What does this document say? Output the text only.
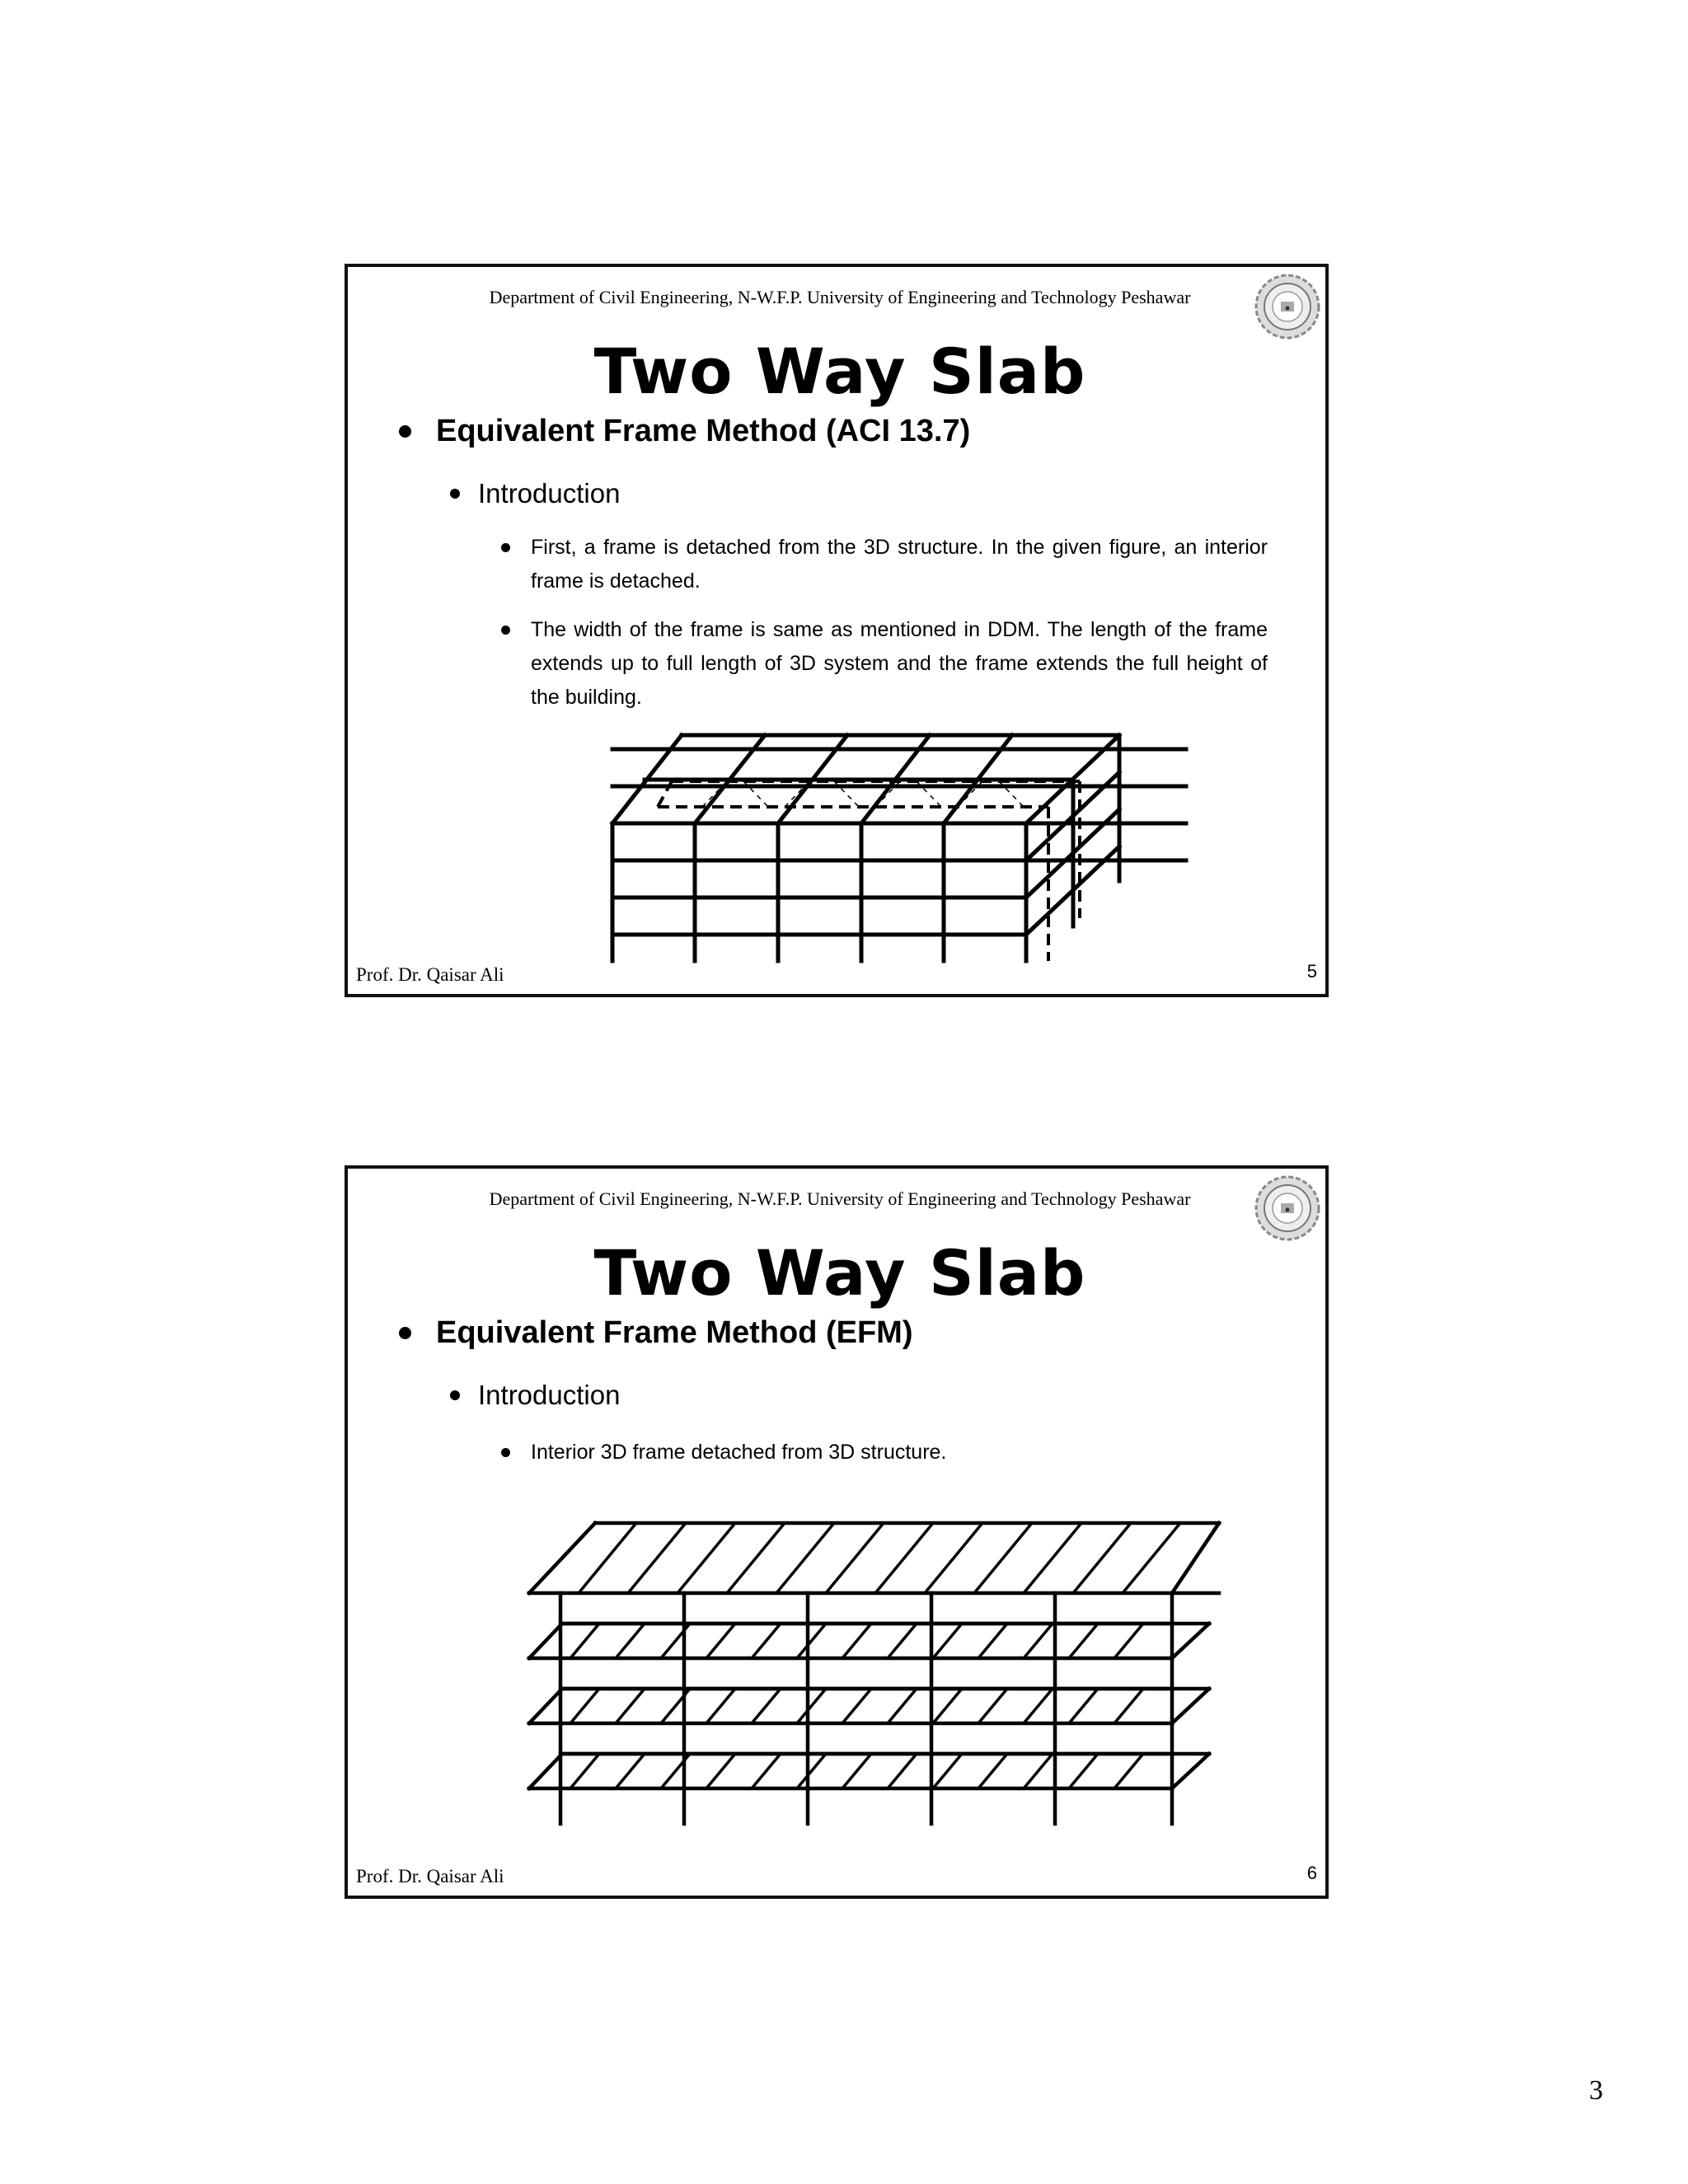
Department of Civil Engineering, N-W.F.P. University of Engineering and Technology Peshawar
Two Way Slab
Equivalent Frame Method (ACI 13.7)
Introduction
First, a frame is detached from the 3D structure. In the given figure, an interior frame is detached.
The width of the frame is same as mentioned in DDM. The length of the frame extends up to full length of 3D system and the frame extends the full height of the building.
Prof. Dr. Qaisar Ali	5
Department of Civil Engineering, N-W.F.P. University of Engineering and Technology Peshawar
Two Way Slab
Equivalent Frame Method (EFM)
Introduction
Interior 3D frame detached from 3D structure.
Prof. Dr. Qaisar Ali	6
3
